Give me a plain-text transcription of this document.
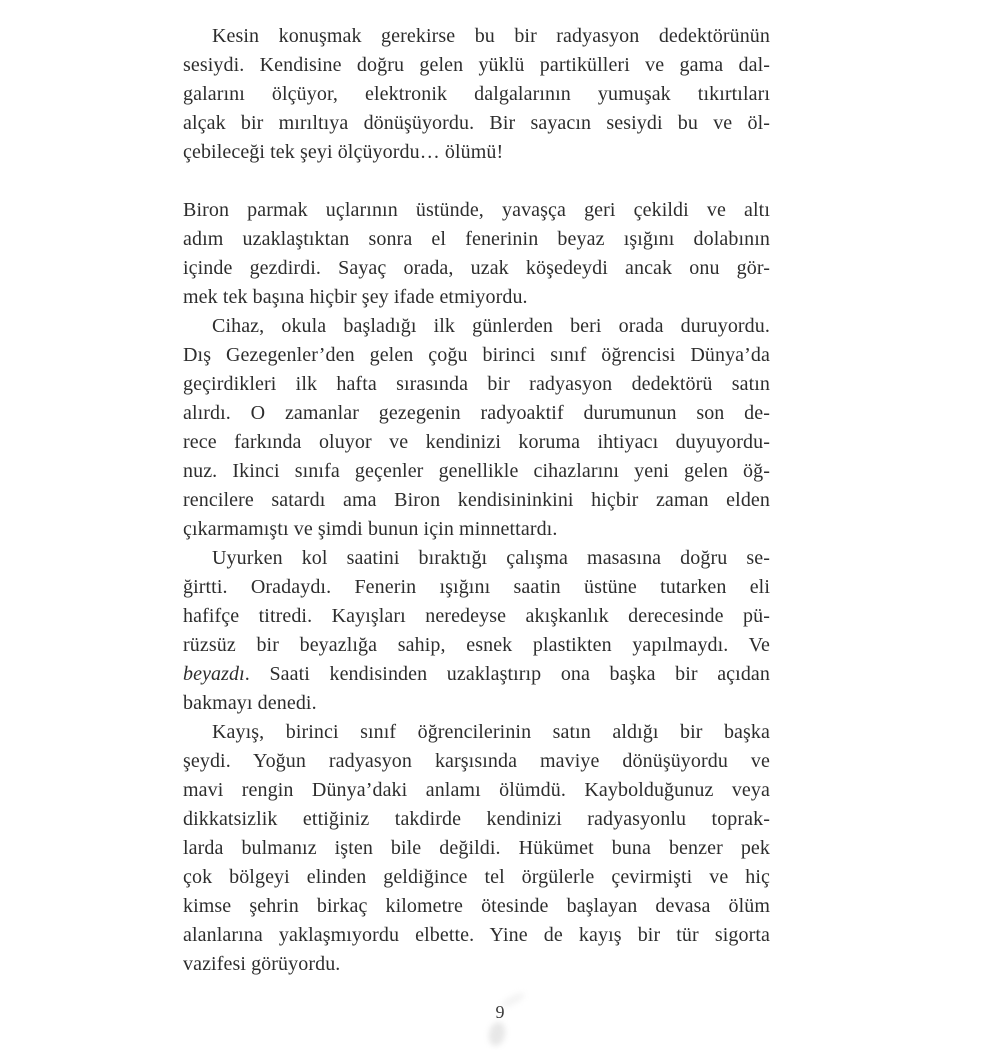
Kesin konuşmak gerekirse bu bir radyasyon dedektörünün
sesiydi. Kendisine doğru gelen yüklü partikülleri ve gama dal-
galarını ölçüyor, elektronik dalgalarının yumuşak tıkırtıları
alçak bir mırıltıya dönüşüyordu. Bir sayacın sesiydi bu ve öl-
çebileceği tek şeyi ölçüyordu… ölümü!
Biron parmak uçlarının üstünde, yavaşça geri çekildi ve altı
adım uzaklaştıktan sonra el fenerinin beyaz ışığını dolabının
içinde gezdirdi. Sayaç orada, uzak köşedeydi ancak onu gör-
mek tek başına hiçbir şey ifade etmiyordu.
Cihaz, okula başladığı ilk günlerden beri orada duruyordu.
Dış Gezegenler’den gelen çoğu birinci sınıf öğrencisi Dünya’da
geçirdikleri ilk hafta sırasında bir radyasyon dedektörü satın
alırdı. O zamanlar gezegenin radyoaktif durumunun son de-
rece farkında oluyor ve kendinizi koruma ihtiyacı duyuyordu-
nuz. Ikinci sınıfa geçenler genellikle cihazlarını yeni gelen öğ-
rencilere satardı ama Biron kendisininkini hiçbir zaman elden
çıkarmamıştı ve şimdi bunun için minnettardı.
Uyurken kol saatini bıraktığı çalışma masasına doğru se-
ğirtti. Oradaydı. Fenerin ışığını saatin üstüne tutarken eli
hafifçe titredi. Kayışları neredeyse akışkanlık derecesinde pü-
rüzsüz bir beyazlığa sahip, esnek plastikten yapılmaydı. Ve
beyazdı. Saati kendisinden uzaklaştırıp ona başka bir açıdan
bakmayı denedi.
Kayış, birinci sınıf öğrencilerinin satın aldığı bir başka
şeydi. Yoğun radyasyon karşısında maviye dönüşüyordu ve
mavi rengin Dünya’daki anlamı ölümdü. Kaybolduğunuz veya
dikkatsizlik ettiğiniz takdirde kendinizi radyasyonlu toprak-
larda bulmanız işten bile değildi. Hükümet buna benzer pek
çok bölgeyi elinden geldiğince tel örgülerle çevirmişti ve hiç
kimse şehrin birkaç kilometre ötesinde başlayan devasa ölüm
alanlarına yaklaşmıyordu elbette. Yine de kayış bir tür sigorta
vazifesi görüyordu.
9
